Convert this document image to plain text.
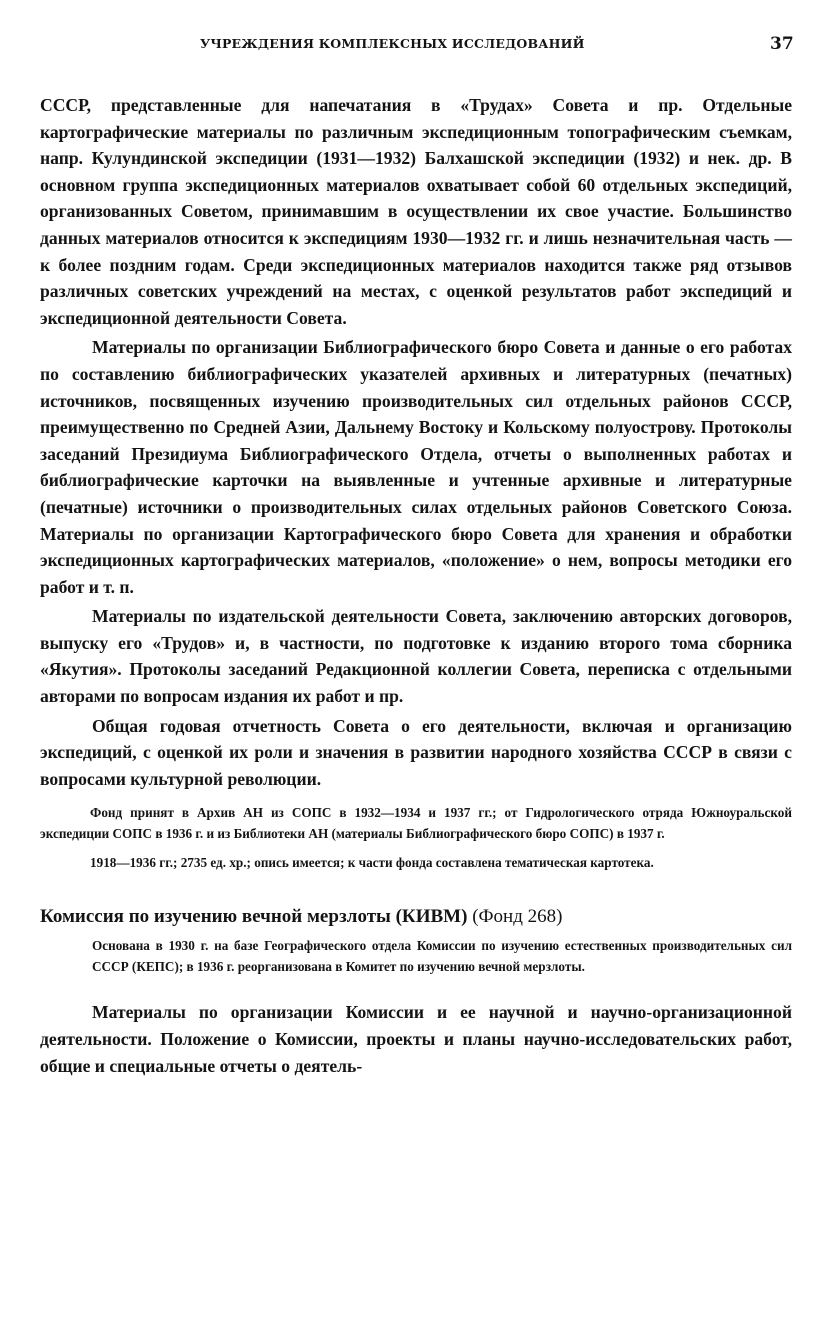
УЧРЕЖДЕНИЯ КОМПЛЕКСНЫХ ИССЛЕДОВАНИЙ	37

СССР, представленные для напечатания в «Трудах» Совета и пр. Отдельные картографические материалы по различным экспедиционным топографическим съемкам, напр. Кулундинской экспедиции (1931—1932) Балхашской экспедиции (1932) и нек. др. В основном группа экспедиционных материалов охватывает собой 60 отдельных экспедиций, организованных Советом, принимавшим в осуществлении их свое участие. Большинство данных материалов относится к экспедициям 1930—1932 гг. и лишь незначительная часть — к более поздним годам. Среди экспедиционных материалов находится также ряд отзывов различных советских учреждений на местах, с оценкой результатов работ экспедиций и экспедиционной деятельности Совета.

Материалы по организации Библиографического бюро Совета и данные о его работах по составлению библиографических указателей архивных и литературных (печатных) источников, посвященных изучению производительных сил отдельных районов СССР, преимущественно по Средней Азии, Дальнему Востоку и Кольскому полуострову. Протоколы заседаний Президиума Библиографического Отдела, отчеты о выполненных работах и библиографические карточки на выявленные и учтенные архивные и литературные (печатные) источники о производительных силах отдельных районов Советского Союза. Материалы по организации Картографического бюро Совета для хранения и обработки экспедиционных картографических материалов, «положение» о нем, вопросы методики его работ и т. п.

Материалы по издательской деятельности Совета, заключению авторских договоров, выпуску его «Трудов» и, в частности, по подготовке к изданию второго тома сборника «Якутия». Протоколы заседаний Редакционной коллегии Совета, переписка с отдельными авторами по вопросам издания их работ и пр.

Общая годовая отчетность Совета о его деятельности, включая и организацию экспедиций, с оценкой их роли и значения в развитии народного хозяйства СССР в связи с вопросами культурной революции.

Фонд принят в Архив АН из СОПС в 1932—1934 и 1937 гг.; от Гидрологического отряда Южноуральской экспедиции СОПС в 1936 г. и из Библиотеки АН (материалы Библиографического бюро СОПС) в 1937 г.

1918—1936 гг.; 2735 ед. хр.; опись имеется; к части фонда составлена тематическая картотека.

Комиссия по изучению вечной мерзлоты (КИВМ) (Фонд 268)

Основана в 1930 г. на базе Географического отдела Комиссии по изучению естественных производительных сил СССР (КЕПС); в 1936 г. реорганизована в Комитет по изучению вечной мерзлоты.

Материалы по организации Комиссии и ее научной и научно-организационной деятельности. Положение о Комиссии, проекты и планы научно-исследовательских работ, общие и специальные отчеты о деятель-
